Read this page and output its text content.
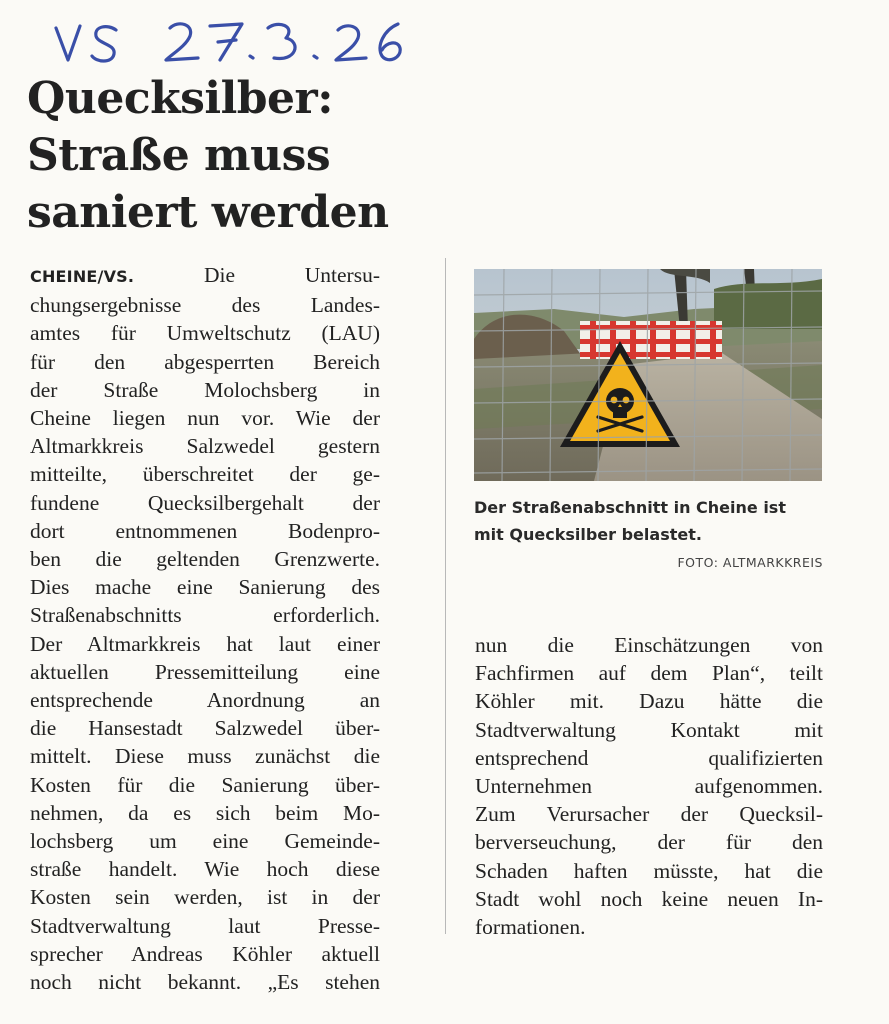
Quecksilber:
Straße muss
saniert werden
CHEINE/VS.	Die Untersu-
chungsergebnisse des Landes-
amtes für Umweltschutz (LAU)
für den abgesperrten Bereich
der Straße Molochsberg in
Cheine liegen nun vor. Wie der
Altmarkkreis Salzwedel gestern
mitteilte, überschreitet der ge-
fundene Quecksilbergehalt der
dort entnommenen Bodenpro-
ben die geltenden Grenzwerte.
Dies mache eine Sanierung des
Straßenabschnitts erforderlich.
Der Altmarkkreis hat laut einer
aktuellen Pressemitteilung eine
entsprechende Anordnung an
die Hansestadt Salzwedel über-
mittelt. Diese muss zunächst die
Kosten für die Sanierung über-
nehmen, da es sich beim Mo-
lochsberg um eine Gemeinde-
straße handelt. Wie hoch diese
Kosten sein werden, ist in der
Stadtverwaltung laut Presse-
sprecher Andreas Köhler aktuell
noch nicht bekannt. „Es stehen

Der Straßenabschnitt in Cheine ist
mit Quecksilber belastet.

FOTO: ALTMARKKREIS
nun die Einschätzungen von
Fachfirmen auf dem Plan“, teilt
Köhler mit. Dazu hätte die
Stadtverwaltung Kontakt mit
entsprechend qualifizierten
Unternehmen aufgenommen.
Zum Verursacher der Quecksil-
berverseuchung, der für den
Schaden haften müsste, hat die
Stadt wohl noch keine neuen In-
formationen.
